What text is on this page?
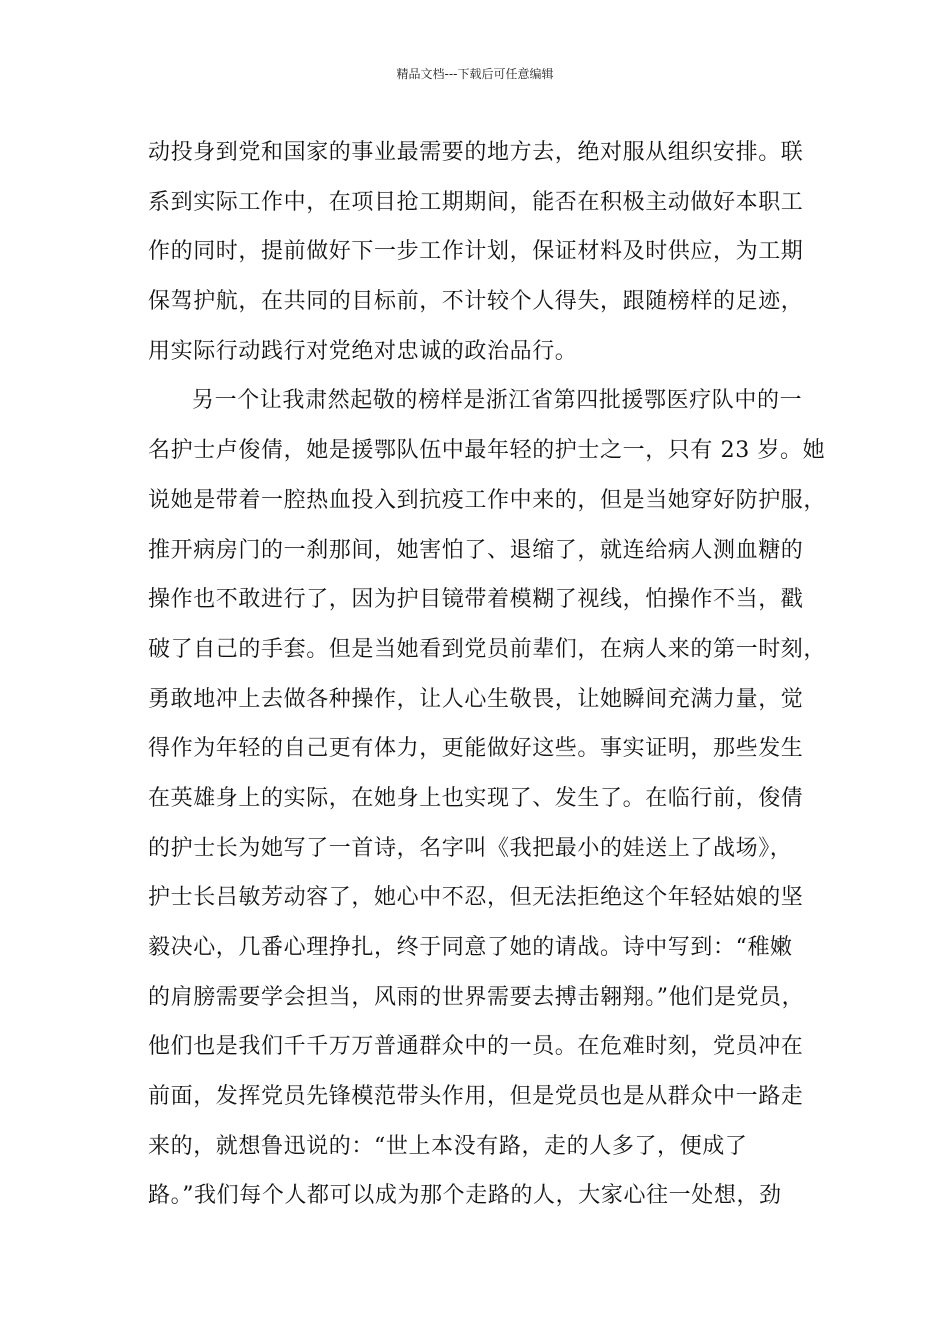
精品文档---下载后可任意编辑
动投身到党和国家的事业最需要的地方去，绝对服从组织安排。联
系到实际工作中，在项目抢工期期间，能否在积极主动做好本职工
作的同时，提前做好下一步工作计划，保证材料及时供应，为工期
保驾护航，在共同的目标前，不计较个人得失，跟随榜样的足迹，
用实际行动践行对党绝对忠诚的政治品行。
另一个让我肃然起敬的榜样是浙江省第四批援鄂医疗队中的一
名护士卢俊倩，她是援鄂队伍中最年轻的护士之一，只有 23 岁。她
说她是带着一腔热血投入到抗疫工作中来的，但是当她穿好防护服，
推开病房门的一刹那间，她害怕了、退缩了，就连给病人测血糖的
操作也不敢进行了，因为护目镜带着模糊了视线，怕操作不当，戳
破了自己的手套。但是当她看到党员前辈们，在病人来的第一时刻，
勇敢地冲上去做各种操作，让人心生敬畏，让她瞬间充满力量，觉
得作为年轻的自己更有体力，更能做好这些。事实证明，那些发生
在英雄身上的实际，在她身上也实现了、发生了。在临行前，俊倩
的护士长为她写了一首诗，名字叫《我把最小的娃送上了战场》，
护士长吕敏芳动容了，她心中不忍，但无法拒绝这个年轻姑娘的坚
毅决心，几番心理挣扎，终于同意了她的请战。诗中写到：“稚嫩
的肩膀需要学会担当，风雨的世界需要去搏击翱翔。”他们是党员，
他们也是我们千千万万普通群众中的一员。在危难时刻，党员冲在
前面，发挥党员先锋模范带头作用，但是党员也是从群众中一路走
来的，就想鲁迅说的：“世上本没有路，走的人多了，便成了
路。”我们每个人都可以成为那个走路的人，大家心往一处想，劲
